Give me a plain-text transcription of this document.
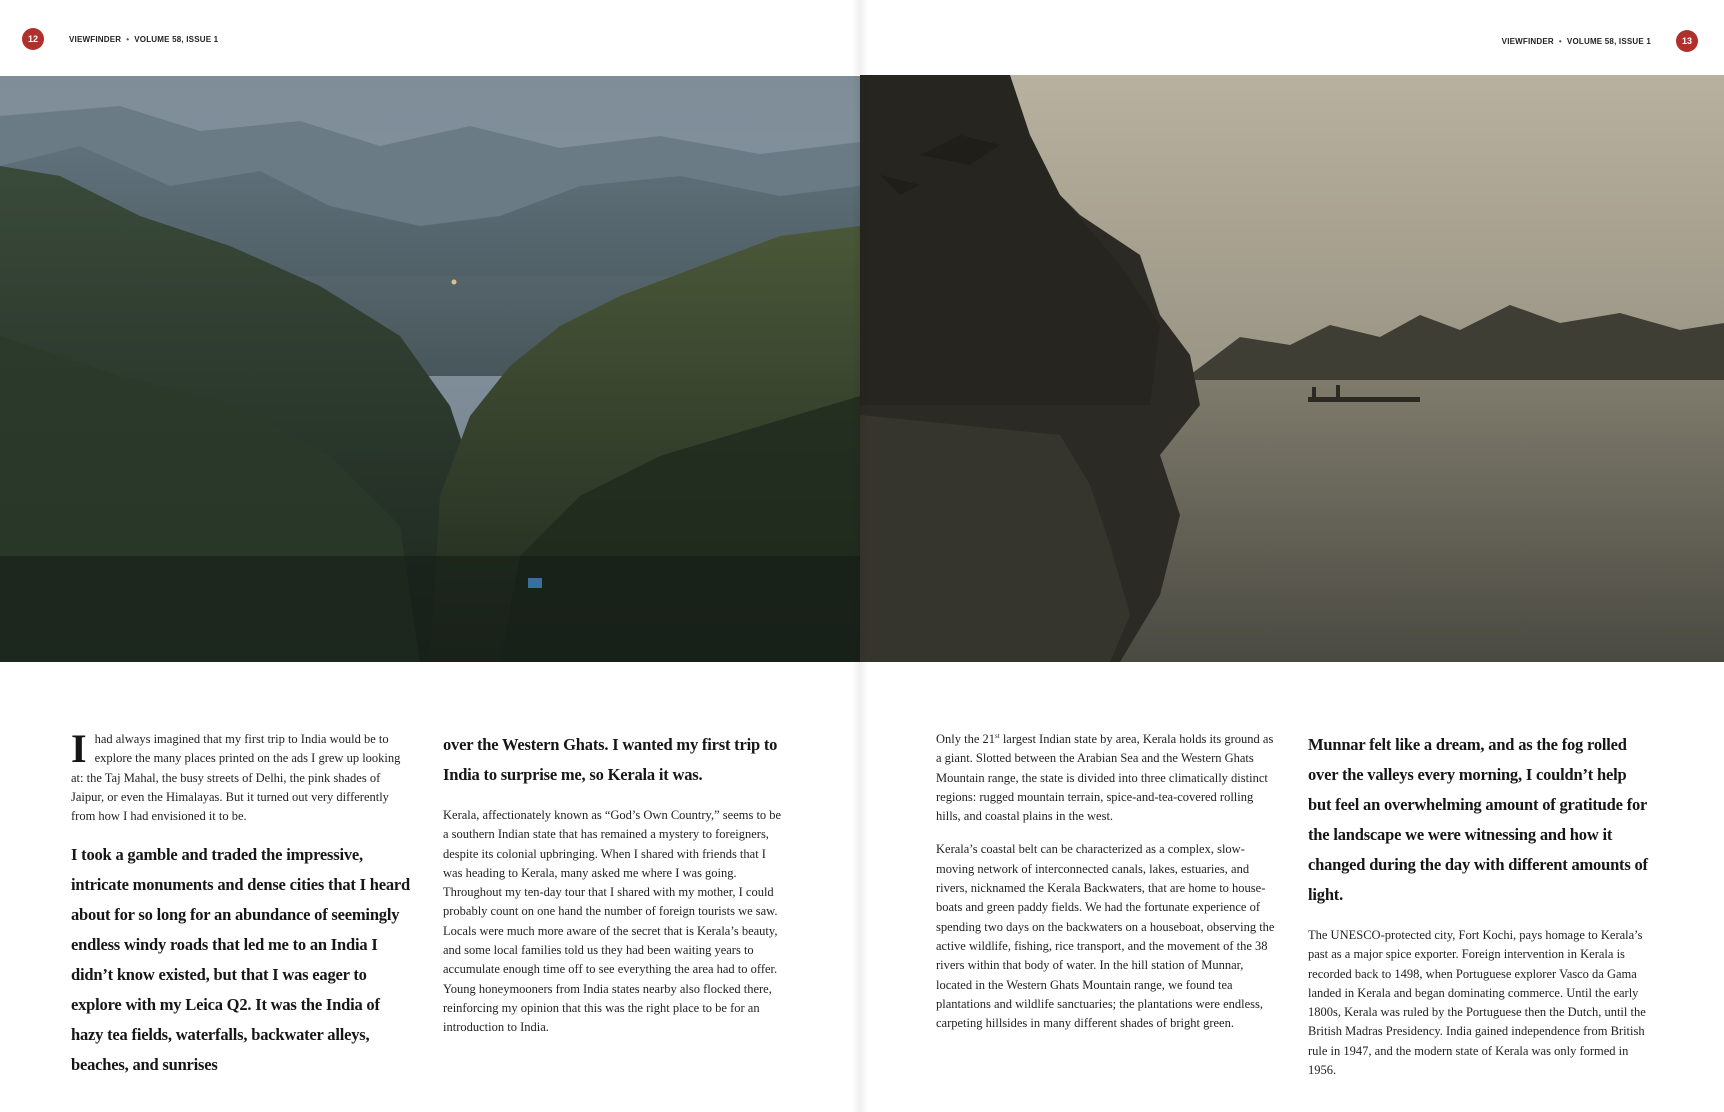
12	VIEWFINDER • VOLUME 58, ISSUE 1

Ihad always imagined that my first trip to India would be to explore the many places printed on the ads I grew up looking at: the Taj Mahal, the busy streets of Delhi, the pink shades of Jaipur, or even the Himalayas. But it turned out very differently from how I had envisioned it to be.

I took a gamble and traded the impressive, intricate monuments and dense cities that I heard about for so long for an abundance of seemingly endless windy roads that led me to an India I didn’t know existed, but that I was eager to explore with my Leica Q2. It was the India of hazy tea fields, waterfalls, backwater alleys, beaches, and sunrises

over the Western Ghats. I wanted my first trip to India to surprise me, so Kerala it was.

Kerala, affectionately known as “God’s Own Country,” seems to be a southern Indian state that has remained a mystery to foreigners, despite its colonial upbringing. When I shared with friends that I was heading to Kerala, many asked me where I was going. Throughout my ten-day tour that I shared with my mother, I could probably count on one hand the number of foreign tourists we saw. Locals were much more aware of the secret that is Kerala’s beauty, and some local families told us they had been waiting years to accumulate enough time off to see everything the area had to offer. Young honeymooners from India states nearby also flocked there, reinforcing my opinion that this was the right place to be for an introduction to India.

VIEWFINDER • VOLUME 58, ISSUE 1	13

Only the 21st largest Indian state by area, Kerala holds its ground as a giant. Slotted between the Arabian Sea and the Western Ghats Mountain range, the state is divided into three climatically distinct regions: rugged mountain terrain, spice-and-tea-covered rolling hills, and coastal plains in the west.

Kerala’s coastal belt can be characterized as a complex, slow-moving network of interconnected canals, lakes, estuaries, and rivers, nicknamed the Kerala Backwaters, that are home to house-boats and green paddy fields. We had the fortunate experience of spending two days on the backwaters on a houseboat, observing the active wildlife, fishing, rice transport, and the movement of the 38 rivers within that body of water. In the hill station of Munnar, located in the Western Ghats Mountain range, we found tea plantations and wildlife sanctuaries; the plantations were endless, carpeting hillsides in many different shades of bright green.

Munnar felt like a dream, and as the fog rolled over the valleys every morning, I couldn’t help but feel an overwhelming amount of gratitude for the landscape we were witnessing and how it changed during the day with different amounts of light.

The UNESCO-protected city, Fort Kochi, pays homage to Kerala’s past as a major spice exporter. Foreign intervention in Kerala is recorded back to 1498, when Portuguese explorer Vasco da Gama landed in Kerala and began dominating commerce. Until the early 1800s, Kerala was ruled by the Portuguese then the Dutch, until the British Madras Presidency. India gained independence from British rule in 1947, and the modern state of Kerala was only formed in 1956.
